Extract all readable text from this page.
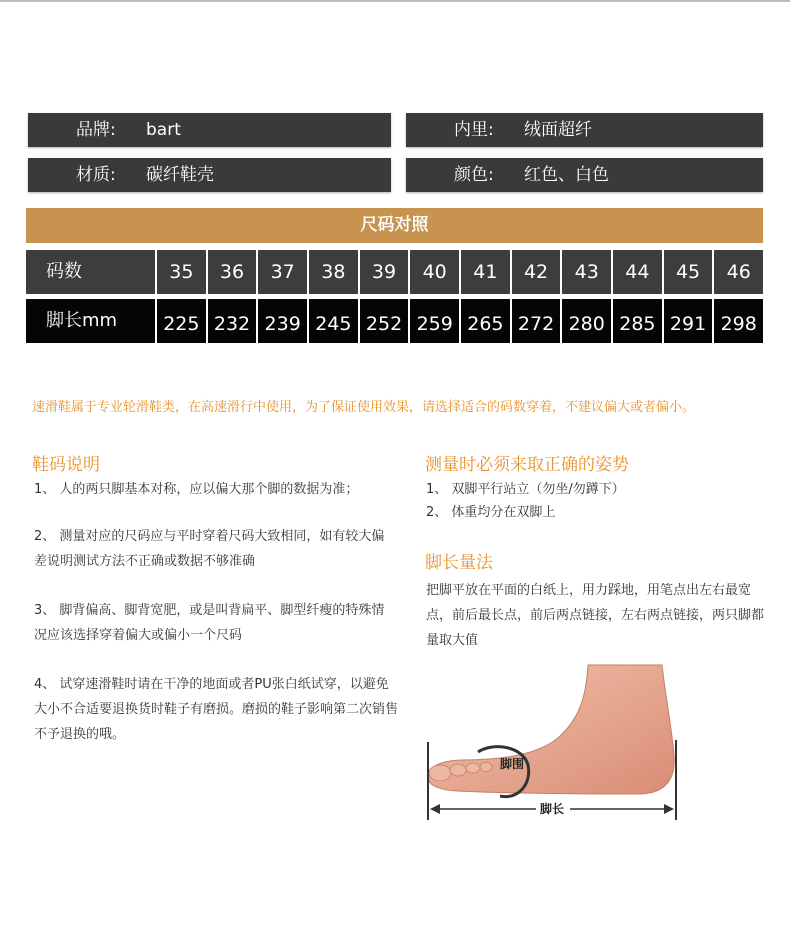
品牌: bart	内里: 绒面超纤
材质: 碳纤鞋壳	颜色: 红色、白色
尺码对照
码数	35	36	37	38	39	40	41	42	43	44	45	46
脚长mm	225 232 239 245 252 259 265 272 280 285 291 298
速滑鞋属于专业轮滑鞋类，在高速滑行中使用，为了保证使用效果，请选择适合的码数穿着，不建议偏大或者偏小。
鞋码说明
1、 人的两只脚基本对称，应以偏大那个脚的数据为准；
2、 测量对应的尺码应与平时穿着尺码大致相同，如有较大偏差说明测试方法不正确或数据不够准确
3、 脚背偏高、脚背宽肥，或是叫背扁平、脚型纤瘦的特殊情况应该选择穿着偏大或偏小一个尺码
4、 试穿速滑鞋时请在干净的地面或者PU张白纸试穿，以避免大小不合适要退换货时鞋子有磨损。磨损的鞋子影响第二次销售不予退换的哦。
测量时必须来取正确的姿势
1、 双脚平行站立（勿坐/勿蹲下）
2、 体重均分在双脚上
脚长量法
把脚平放在平面的白纸上，用力踩地，用笔点出左右最宽点，前后最长点，前后两点链接，左右两点链接，两只脚都量取大值
脚围
脚长
